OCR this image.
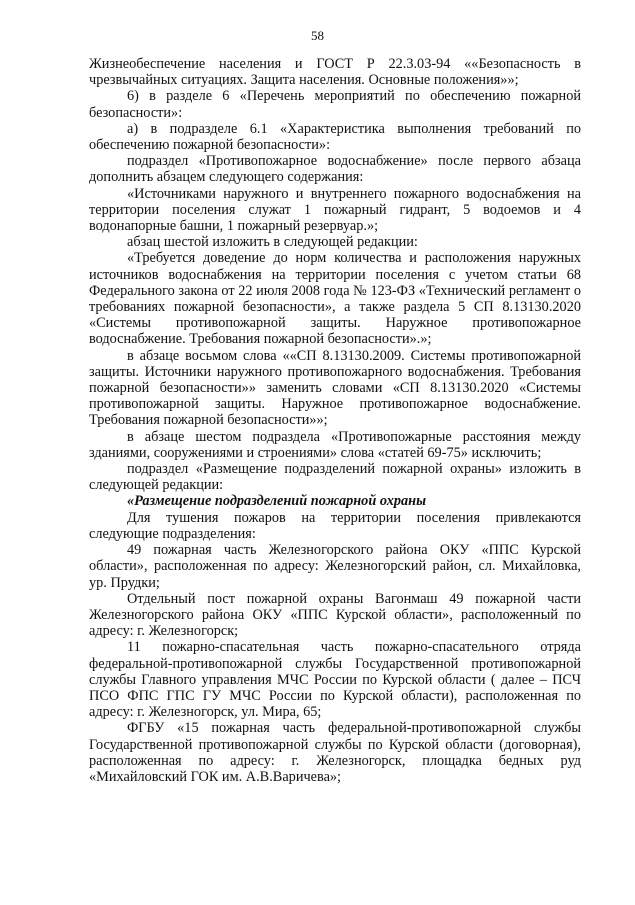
58

Жизнеобеспечение населения и ГОСТ Р 22.3.03-94 ««Безопасность в чрезвычайных ситуациях. Защита населения. Основные положения»»;

6) в разделе 6 «Перечень мероприятий по обеспечению пожарной безопасности»:

а) в подразделе 6.1 «Характеристика выполнения требований по обеспечению пожарной безопасности»:

подраздел «Противопожарное водоснабжение» после первого абзаца дополнить абзацем следующего содержания:

«Источниками наружного и внутреннего пожарного водоснабжения на территории поселения служат 1 пожарный гидрант, 5 водоемов и 4 водонапорные башни, 1 пожарный резервуар.»;

абзац шестой изложить в следующей редакции:

«Требуется доведение до норм количества и расположения наружных источников водоснабжения на территории поселения с учетом статьи 68 Федерального закона от 22 июля 2008 года № 123-ФЗ «Технический регламент о требованиях пожарной безопасности», а также раздела 5 СП 8.13130.2020 «Системы противопожарной защиты. Наружное противопожарное водоснабжение. Требования пожарной безопасности».»;

в абзаце восьмом слова ««СП 8.13130.2009. Системы противопожарной защиты. Источники наружного противопожарного водоснабжения. Требования пожарной безопасности»» заменить словами «СП 8.13130.2020 «Системы противопожарной защиты. Наружное противопожарное водоснабжение. Требования пожарной безопасности»»;

в абзаце шестом подраздела «Противопожарные расстояния между зданиями, сооружениями и строениями» слова «статей 69-75» исключить;

подраздел «Размещение подразделений пожарной охраны» изложить в следующей редакции:

«Размещение подразделений пожарной охраны

Для тушения пожаров на территории поселения привлекаются следующие подразделения:

49 пожарная часть Железногорского района ОКУ «ППС Курской области», расположенная по адресу: Железногорский район, сл. Михайловка, ур. Прудки;

Отдельный пост пожарной охраны Вагонмаш 49 пожарной части Железногорского района ОКУ «ППС Курской области», расположенный по адресу: г. Железногорск;

11 пожарно-спасательная часть пожарно-спасательного отряда федеральной-противопожарной службы Государственной противопожарной службы Главного управления МЧС России по Курской области ( далее – ПСЧ ПСО ФПС ГПС ГУ МЧС России по Курской области), расположенная по адресу: г. Железногорск, ул. Мира, 65;

ФГБУ «15 пожарная часть федеральной-противопожарной службы Государственной противопожарной службы по Курской области (договорная), расположенная по адресу: г. Железногорск, площадка бедных руд «Михайловский ГОК им. А.В.Варичева»;
